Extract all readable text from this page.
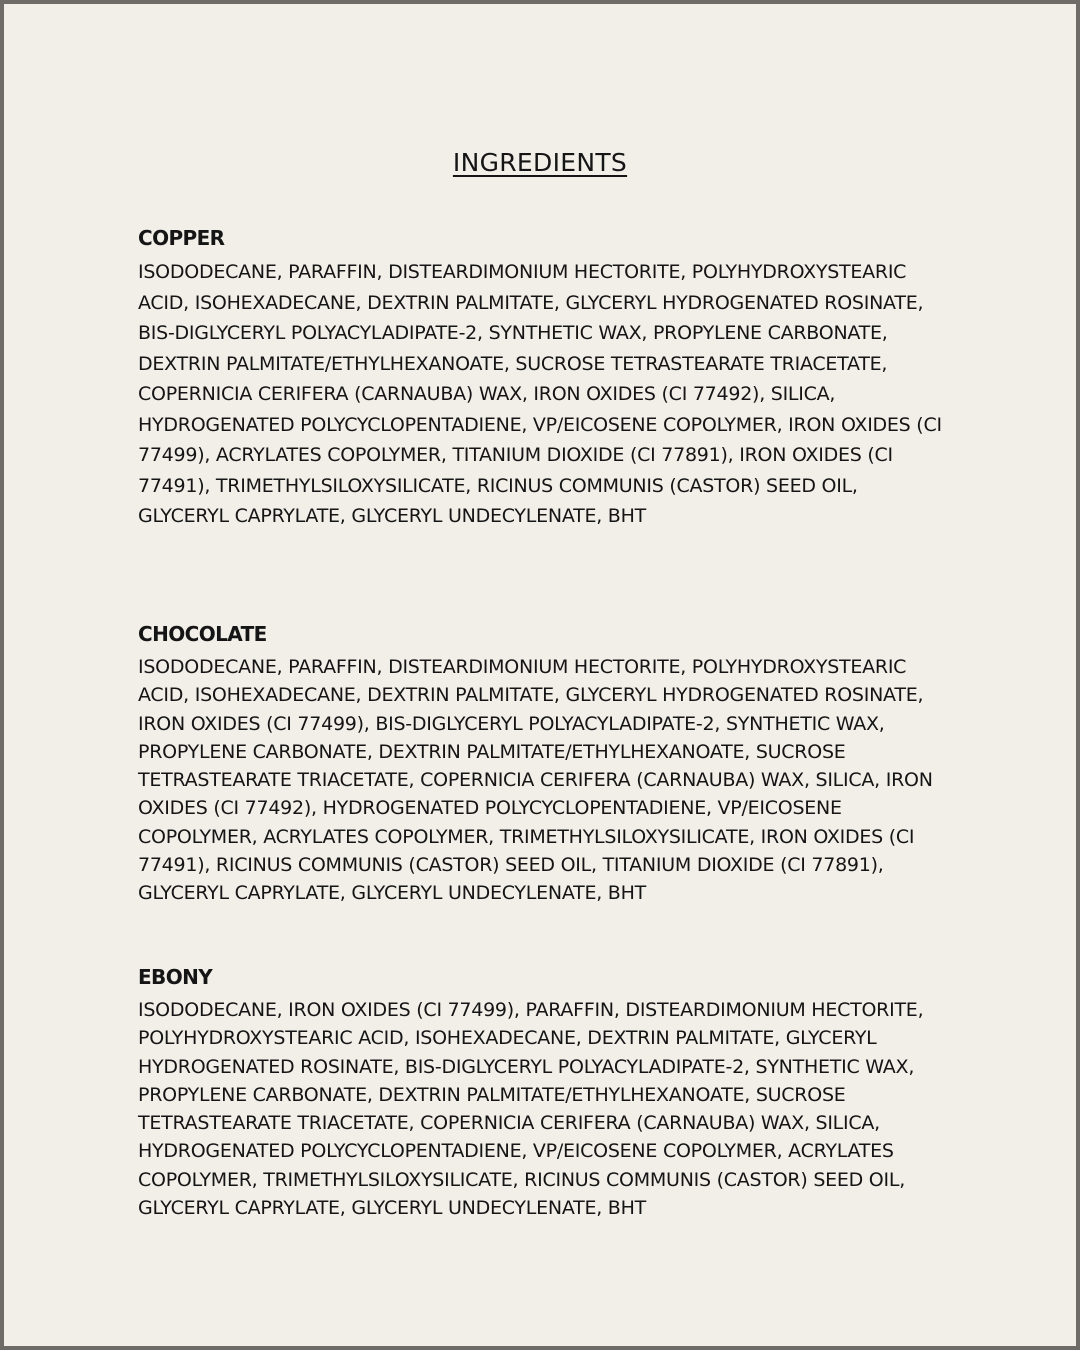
INGREDIENTS
COPPER

ISODODECANE, PARAFFIN, DISTEARDIMONIUM HECTORITE, POLYHYDROXYSTEARIC ACID, ISOHEXADECANE, DEXTRIN PALMITATE, GLYCERYL HYDROGENATED ROSINATE, BIS-DIGLYCERYL POLYACYLADIPATE-2, SYNTHETIC WAX, PROPYLENE CARBONATE, DEXTRIN PALMITATE/ETHYLHEXANOATE, SUCROSE TETRASTEARATE TRIACETATE, COPERNICIA CERIFERA (CARNAUBA) WAX, IRON OXIDES (CI 77492), SILICA, HYDROGENATED POLYCYCLOPENTADIENE, VP/EICOSENE COPOLYMER, IRON OXIDES (CI 77499), ACRYLATES COPOLYMER, TITANIUM DIOXIDE (CI 77891), IRON OXIDES (CI 77491), TRIMETHYLSILOXYSILICATE, RICINUS COMMUNIS (CASTOR) SEED OIL, GLYCERYL CAPRYLATE, GLYCERYL UNDECYLENATE, BHT

CHOCOLATE

ISODODECANE, PARAFFIN, DISTEARDIMONIUM HECTORITE, POLYHYDROXYSTEARIC ACID, ISOHEXADECANE, DEXTRIN PALMITATE, GLYCERYL HYDROGENATED ROSINATE, IRON OXIDES (CI 77499), BIS-DIGLYCERYL POLYACYLADIPATE-2, SYNTHETIC WAX, PROPYLENE CARBONATE, DEXTRIN PALMITATE/ETHYLHEXANOATE, SUCROSE TETRASTEARATE TRIACETATE, COPERNICIA CERIFERA (CARNAUBA) WAX, SILICA, IRON OXIDES (CI 77492), HYDROGENATED POLYCYCLOPENTADIENE, VP/EICOSENE COPOLYMER, ACRYLATES COPOLYMER, TRIMETHYLSILOXYSILICATE, IRON OXIDES (CI 77491), RICINUS COMMUNIS (CASTOR) SEED OIL, TITANIUM DIOXIDE (CI 77891), GLYCERYL CAPRYLATE, GLYCERYL UNDECYLENATE, BHT

EBONY

ISODODECANE, IRON OXIDES (CI 77499), PARAFFIN, DISTEARDIMONIUM HECTORITE, POLYHYDROXYSTEARIC ACID, ISOHEXADECANE, DEXTRIN PALMITATE, GLYCERYL HYDROGENATED ROSINATE, BIS-DIGLYCERYL POLYACYLADIPATE-2, SYNTHETIC WAX, PROPYLENE CARBONATE, DEXTRIN PALMITATE/ETHYLHEXANOATE, SUCROSE TETRASTEARATE TRIACETATE, COPERNICIA CERIFERA (CARNAUBA) WAX, SILICA, HYDROGENATED POLYCYCLOPENTADIENE, VP/EICOSENE COPOLYMER, ACRYLATES COPOLYMER, TRIMETHYLSILOXYSILICATE, RICINUS COMMUNIS (CASTOR) SEED OIL, GLYCERYL CAPRYLATE, GLYCERYL UNDECYLENATE, BHT
